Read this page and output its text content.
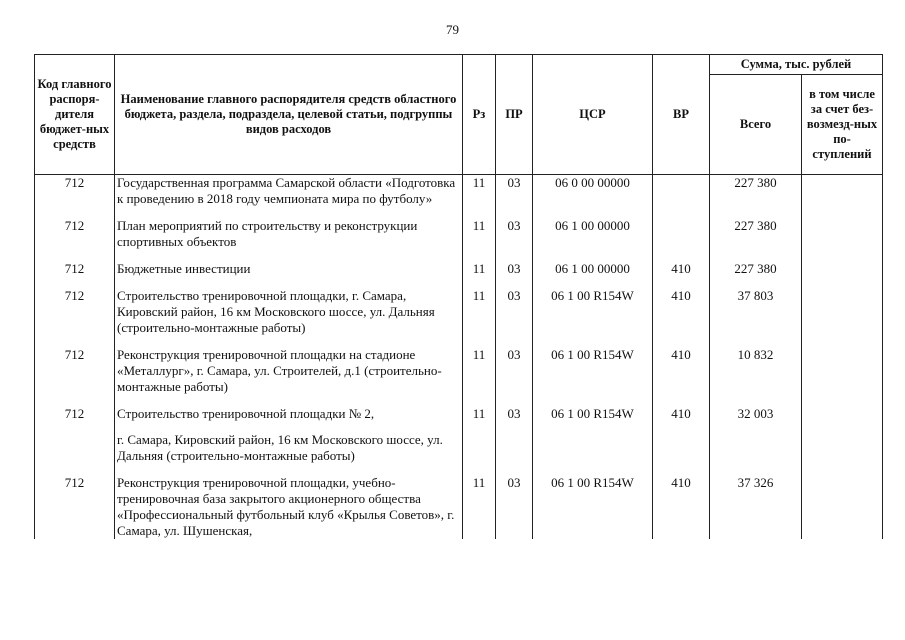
79
Код главного распоря-дителя бюджет-ных средств	Наименование главного распорядителя средств областного бюджета, раздела, подраздела, целевой статьи, подгруппы видов расходов	Рз	ПР	ЦСР	ВР	Сумма, тыс. рублей	
						Всего	в том числе за счет без-возмезд-ных по-ступлений
712	Государственная программа Самарской области «Подготовка к проведению в 2018 году чемпионата мира по футболу»	11	03	06 0 00 00000		227 380	

712	План мероприятий по строительству и реконструкции спортивных объектов	11	03	06 1 00 00000		227 380	

712	Бюджетные инвестиции	11	03	06 1 00 00000	410	227 380	

712	Строительство тренировочной площадки, г. Самара, Кировский район, 16 км Московского шоссе, ул. Дальняя (строительно-монтажные работы)	11	03	06 1 00 R154W	410	37 803	

712	Реконструкция тренировочной площадки на стадионе «Металлург», г. Самара, ул. Строителей, д.1 (строительно-монтажные работы)	11	03	06 1 00 R154W	410	10 832	

712	Строительство тренировочной площадки № 2,
г. Самара, Кировский район, 16 км Московского шоссе, ул. Дальняя (строительно-монтажные работы)	11	03	06 1 00 R154W	410	32 003	

712	Реконструкция тренировочной площадки, учебно-тренировочная база закрытого акционерного общества «Профессиональный футбольный клуб «Крылья Советов», г. Самара, ул. Шушенская,	11	03	06 1 00 R154W	410	37 326	
